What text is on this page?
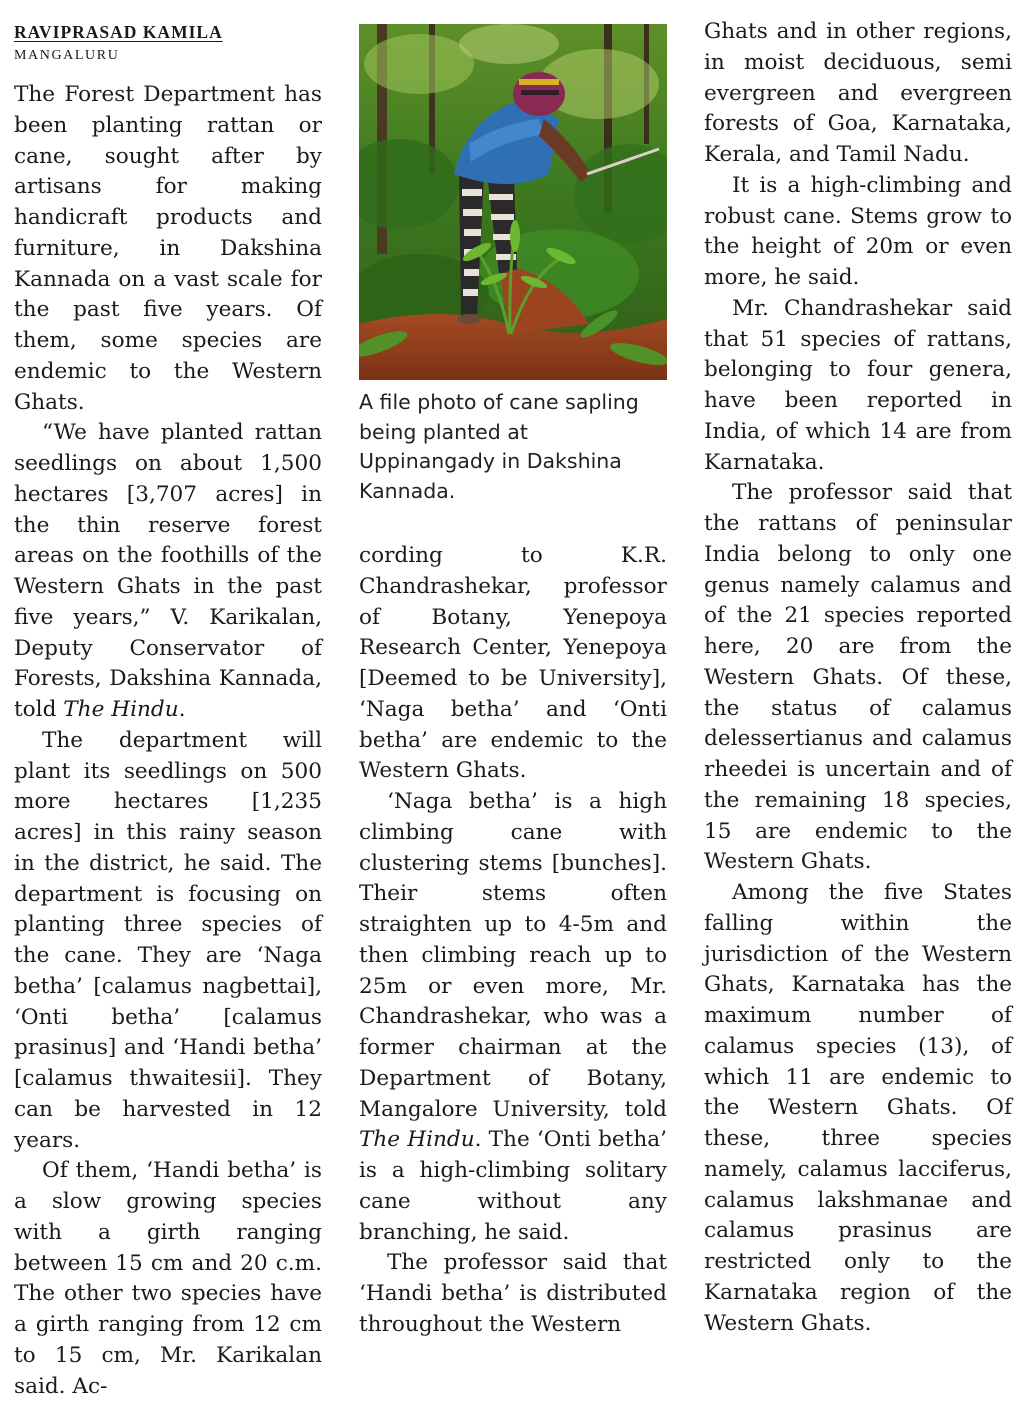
RAVIPRASAD KAMILA
MANGALURU

The Forest Department has been planting rattan or cane, sought after by artisans for making handicraft products and furniture, in Dakshina Kannada on a vast scale for the past five years. Of them, some species are endemic to the Western Ghats.

“We have planted rattan seedlings on about 1,500 hectares [3,707 acres] in the thin reserve forest areas on the foothills of the Western Ghats in the past five years,” V. Karikalan, Deputy Conservator of Forests, Dakshina Kannada, told The Hindu.

The department will plant its seedlings on 500 more hectares [1,235 acres] in this rainy season in the district, he said. The department is focusing on planting three species of the cane. They are ‘Naga betha’ [calamus nagbettai], ‘Onti betha’ [calamus prasinus] and ‘Handi betha’ [calamus thwaitesii]. They can be harvested in 12 years.

Of them, ‘Handi betha’ is a slow growing species with a girth ranging between 15 cm and 20 c.m. The other two species have a girth ranging from 12 cm to 15 cm, Mr. Karikalan said. Ac-

A file photo of cane sapling being planted at Uppinangady in Dakshina Kannada.

cording to K.R. Chandrashekar, professor of Botany, Yenepoya Research Center, Yenepoya [Deemed to be University], ‘Naga betha’ and ‘Onti betha’ are endemic to the Western Ghats.

‘Naga betha’ is a high climbing cane with clustering stems [bunches]. Their stems often straighten up to 4-5m and then climbing reach up to 25m or even more, Mr. Chandrashekar, who was a former chairman at the Department of Botany, Mangalore University, told The Hindu. The ‘Onti betha’ is a high-climbing solitary cane without any branching, he said.

The professor said that ‘Handi betha’ is distributed throughout the Western

Ghats and in other regions, in moist deciduous, semi evergreen and evergreen forests of Goa, Karnataka, Kerala, and Tamil Nadu.

It is a high-climbing and robust cane. Stems grow to the height of 20m or even more, he said.

Mr. Chandrashekar said that 51 species of rattans, belonging to four genera, have been reported in India, of which 14 are from Karnataka.

The professor said that the rattans of peninsular India belong to only one genus namely calamus and of the 21 species reported here, 20 are from the Western Ghats. Of these, the status of calamus delessertianus and calamus rheedei is uncertain and of the remaining 18 species, 15 are endemic to the Western Ghats.

Among the five States falling within the jurisdiction of the Western Ghats, Karnataka has the maximum number of calamus species (13), of which 11 are endemic to the Western Ghats. Of these, three species namely, calamus lacciferus, calamus lakshmanae and calamus prasinus are restricted only to the Karnataka region of the Western Ghats.
